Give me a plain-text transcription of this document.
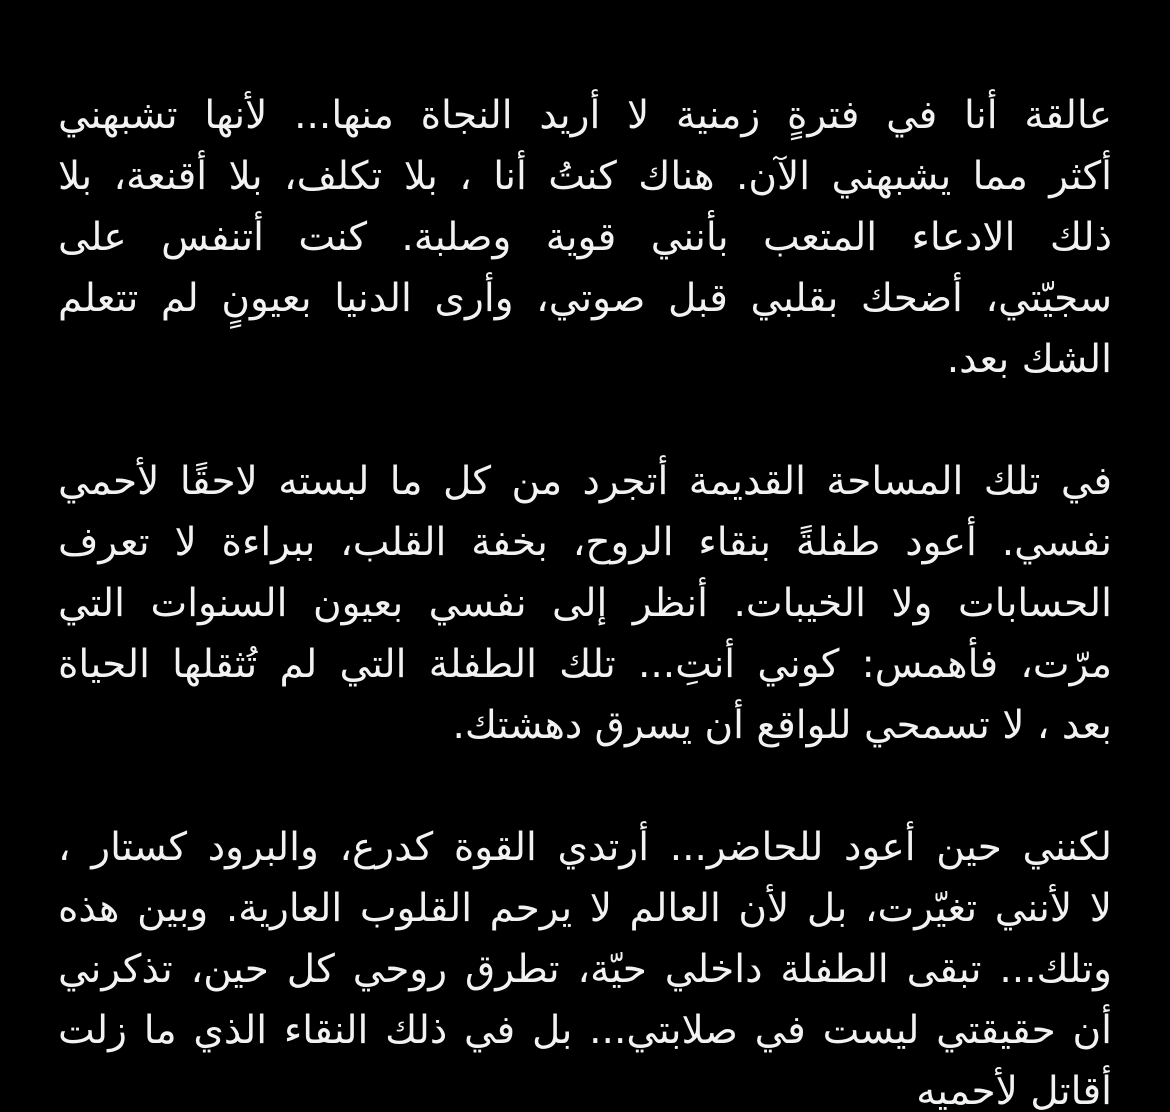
عالقة أنا في فترةٍ زمنية لا أريد النجاة منها... لأنها تشبهني
أكثر مما يشبهني الآن. هناك كنتُ أنا ، بلا تكلف، بلا أقنعة، بلا
ذلك الادعاء المتعب بأنني قوية وصلبة. كنت أتنفس على
سجيّتي، أضحك بقلبي قبل صوتي، وأرى الدنيا بعيونٍ لم تتعلم
الشك بعد.

في تلك المساحة القديمة أتجرد من كل ما لبسته لاحقًا لأحمي
نفسي. أعود طفلةً بنقاء الروح، بخفة القلب، ببراءة لا تعرف
الحسابات ولا الخيبات. أنظر إلى نفسي بعيون السنوات التي
مرّت، فأهمس: كوني أنتِ... تلك الطفلة التي لم تُثقلها الحياة
بعد ، لا تسمحي للواقع أن يسرق دهشتك.

لكنني حين أعود للحاضر... أرتدي القوة كدرع، والبرود كستار ،
لا لأنني تغيّرت، بل لأن العالم لا يرحم القلوب العارية. وبين هذه
وتلك... تبقى الطفلة داخلي حيّة، تطرق روحي كل حين، تذكرني
أن حقيقتي ليست في صلابتي... بل في ذلك النقاء الذي ما زلت
أقاتل لأحميه
